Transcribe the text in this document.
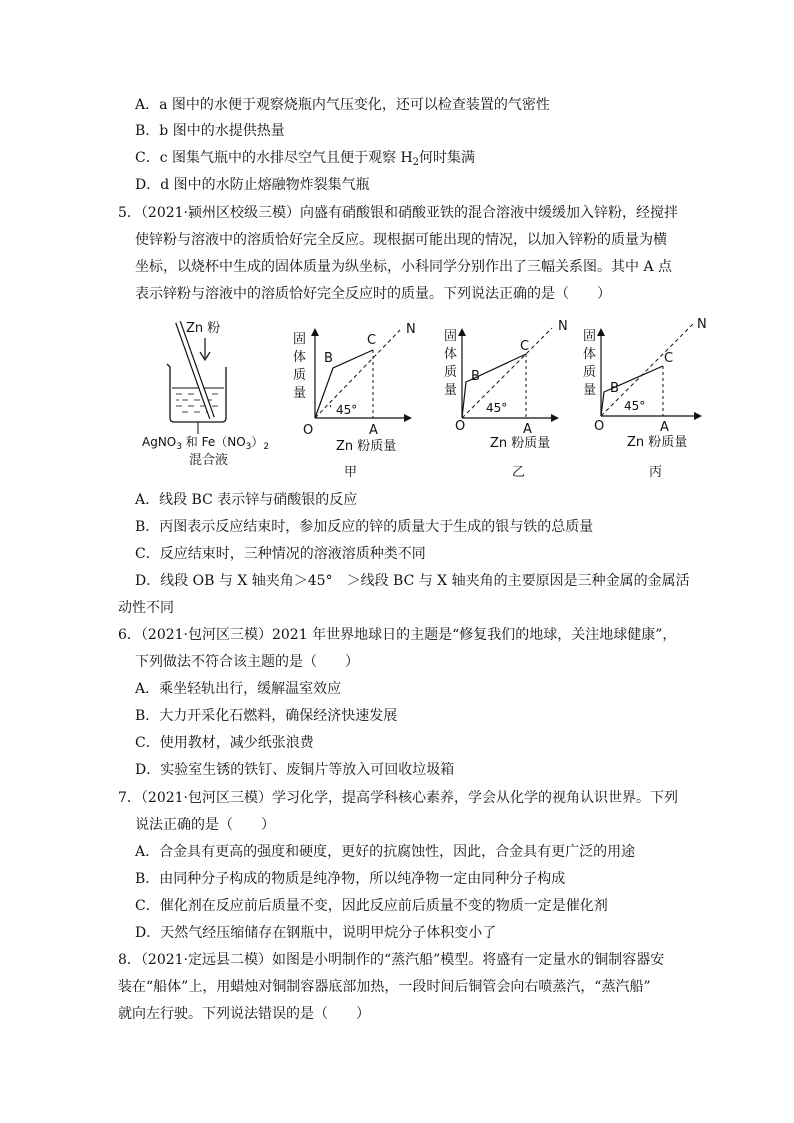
A．a 图中的水便于观察烧瓶内气压变化，还可以检查装置的气密性
B．b 图中的水提供热量
C．c 图集气瓶中的水排尽空气且便于观察 $H_2$何时集满
D．d 图中的水防止熔融物炸裂集气瓶
5．（2021·颍州区校级三模）向盛有硝酸银和硝酸亚铁的混合溶液中缓缓加入锌粉，经搅拌
使锌粉与溶液中的溶质恰好完全反应。现根据可能出现的情况，以加入锌粉的质量为横
坐标，以烧杯中生成的固体质量为纵坐标，小科同学分别作出了三幅关系图。其中 A 点
表示锌粉与溶液中的溶质恰好完全反应时的质量。下列说法正确的是（　　）
Zn 粉
AgNO$_3$ 和 $Fe(NO_3)_2$
混合液
固
体
质
量
45°
O	A
B
C
N
Zn 粉质量
甲
固
体
质
量
45°
O	A
B
C
N
Zn 粉质量
乙
固
体
质
量
45°
O	A
B
C
N
Zn 粉质量
丙
A．线段 BC 表示锌与硝酸银的反应
B．丙图表示反应结束时，参加反应的锌的质量大于生成的银与铁的总质量
C．反应结束时，三种情况的溶液溶质种类不同
D．线段 OB 与 X 轴夹角＞45°　＞线段 BC 与 X 轴夹角的主要原因是三种金属的金属活
动性不同
6．（2021·包河区三模）2021 年世界地球日的主题是“修复我们的地球，关注地球健康”，
下列做法不符合该主题的是（　　）
A．乘坐轻轨出行，缓解温室效应
B．大力开采化石燃料，确保经济快速发展
C．使用教材，减少纸张浪费
D．实验室生锈的铁钉、废铜片等放入可回收垃圾箱
7．（2021·包河区三模）学习化学，提高学科核心素养，学会从化学的视角认识世界。下列
说法正确的是（　　）
A．合金具有更高的强度和硬度，更好的抗腐蚀性，因此，合金具有更广泛的用途
B．由同种分子构成的物质是纯净物，所以纯净物一定由同种分子构成
C．催化剂在反应前后质量不变，因此反应前后质量不变的物质一定是催化剂
D．天然气经压缩储存在钢瓶中，说明甲烷分子体积变小了
8．（2021·定远县二模）如图是小明制作的“蒸汽船”模型。将盛有一定量水的铜制容器安
装在“船体”上，用蜡烛对铜制容器底部加热，一段时间后铜管会向右喷蒸汽，“蒸汽船”
就向左行驶。下列说法错误的是（　　）
